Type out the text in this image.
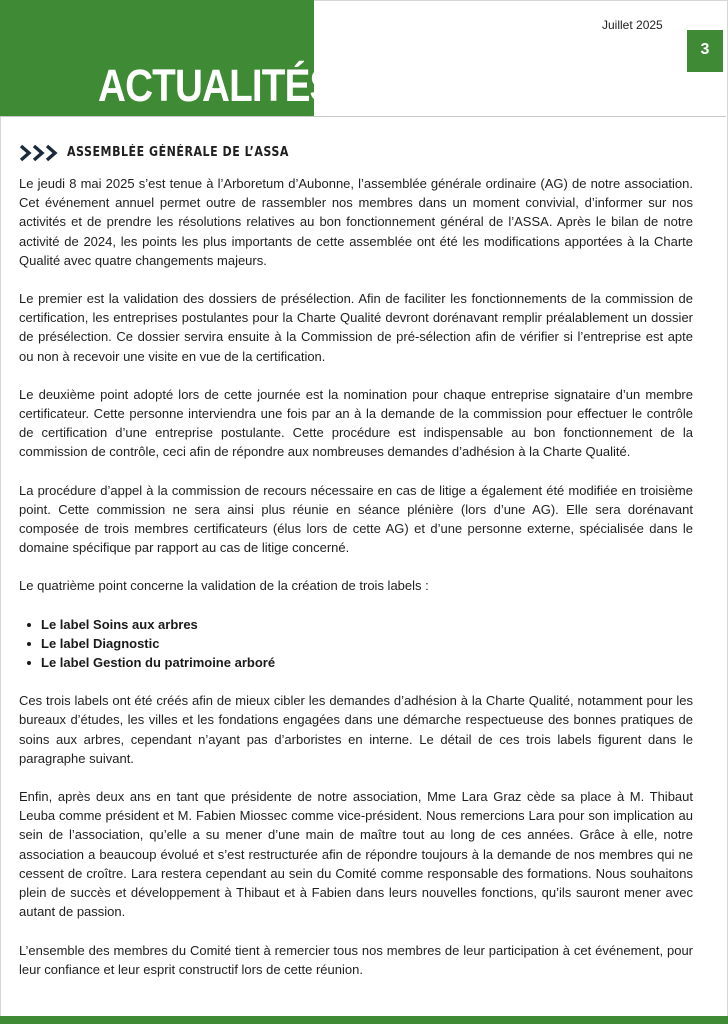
ACTUALITÉS
Juillet 2025
3
ASSEMBLÉE GÉNÉRALE DE L’ASSA

Le jeudi 8 mai 2025 s’est tenue à l’Arboretum d’Aubonne, l’assemblée générale ordinaire (AG) de notre association. Cet événement annuel permet outre de rassembler nos membres dans un moment convivial, d’informer sur nos activités et de prendre les résolutions relatives au bon fonctionnement général de l’ASSA. Après le bilan de notre activité de 2024, les points les plus importants de cette assemblée ont été les modifications apportées à la Charte Qualité avec quatre changements majeurs.

Le premier est la validation des dossiers de présélection. Afin de faciliter les fonctionnements de la commission de certification, les entreprises postulantes pour la Charte Qualité devront dorénavant remplir préalablement un dossier de présélection. Ce dossier servira ensuite à la Commission de pré-sélection afin de vérifier si l’entreprise est apte ou non à recevoir une visite en vue de la certification.

Le deuxième point adopté lors de cette journée est la nomination pour chaque entreprise signataire d’un membre certificateur. Cette personne interviendra une fois par an à la demande de la commission pour effectuer le contrôle de certification d’une entreprise postulante. Cette procédure est indispensable au bon fonctionnement de la commission de contrôle, ceci afin de répondre aux nombreuses demandes d’adhésion à la Charte Qualité.

La procédure d’appel à la commission de recours nécessaire en cas de litige a également été modifiée en troisième point. Cette commission ne sera ainsi plus réunie en séance plénière (lors d’une AG). Elle sera dorénavant composée de trois membres certificateurs (élus lors de cette AG) et d’une personne externe, spécialisée dans le domaine spécifique par rapport au cas de litige concerné.

Le quatrième point concerne la validation de la création de trois labels :

Le label Soins aux arbres
Le label Diagnostic
Le label Gestion du patrimoine arboré

Ces trois labels ont été créés afin de mieux cibler les demandes d’adhésion à la Charte Qualité, notamment pour les bureaux d’études, les villes et les fondations engagées dans une démarche respectueuse des bonnes pratiques de soins aux arbres, cependant n’ayant pas d’arboristes en interne. Le détail de ces trois labels figurent dans le paragraphe suivant.

Enfin, après deux ans en tant que présidente de notre association, Mme Lara Graz cède sa place à M. Thibaut Leuba comme président et M. Fabien Miossec comme vice-président. Nous remercions Lara pour son implication au sein de l’association, qu’elle a su mener d’une main de maître tout au long de ces années. Grâce à elle, notre association a beaucoup évolué et s’est restructurée afin de répondre toujours à la demande de nos membres qui ne cessent de croître. Lara restera cependant au sein du Comité comme responsable des formations. Nous souhaitons plein de succès et développement à Thibaut et à Fabien dans leurs nouvelles fonctions, qu’ils sauront mener avec autant de passion.

L’ensemble des membres du Comité tient à remercier tous nos membres de leur participation à cet événement, pour leur confiance et leur esprit constructif lors de cette réunion.
